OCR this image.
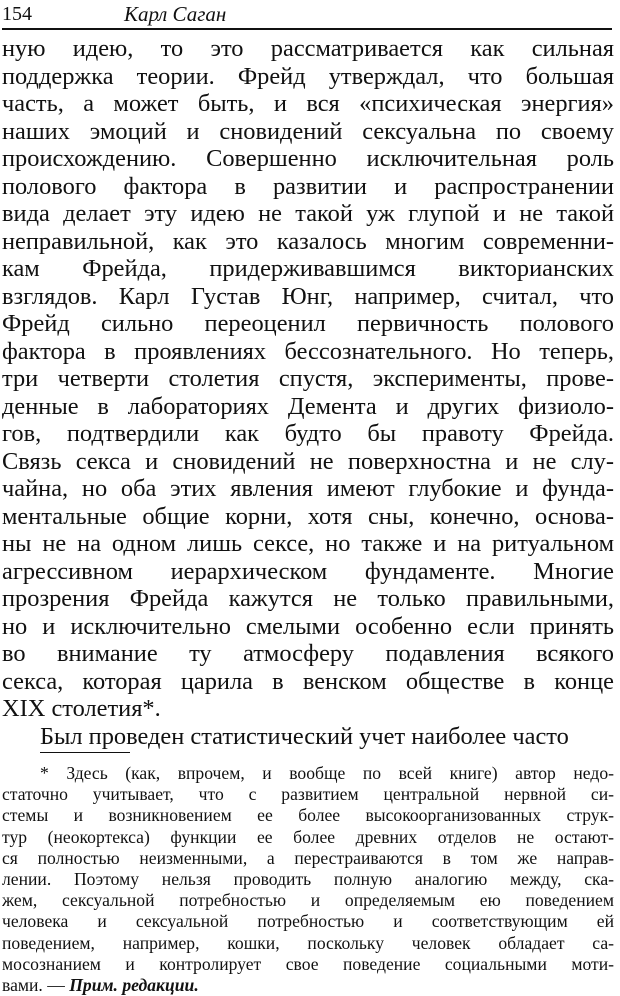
154	Карл Саган
ную идею, то это рассматривается как сильная
поддержка теории. Фрейд утверждал, что большая
часть, а может быть, и вся «психическая энергия»
наших эмоций и сновидений сексуальна по своему
происхождению. Совершенно исключительная роль
полового фактора в развитии и распространении
вида делает эту идею не такой уж глупой и не такой
неправильной, как это казалось многим современни-
кам Фрейда, придерживавшимся викторианских
взглядов. Карл Густав Юнг, например, считал, что
Фрейд сильно переоценил первичность полового
фактора в проявлениях бессознательного. Но теперь,
три четверти столетия спустя, эксперименты, прове-
денные в лабораториях Демента и других физиоло-
гов, подтвердили как будто бы правоту Фрейда.
Связь секса и сновидений не поверхностна и не слу-
чайна, но оба этих явления имеют глубокие и фунда-
ментальные общие корни, хотя сны, конечно, основа-
ны не на одном лишь сексе, но также и на ритуальном
агрессивном иерархическом фундаменте. Многие
прозрения Фрейда кажутся не только правильными,
но и исключительно смелыми особенно если принять
во внимание ту атмосферу подавления всякого
секса, которая царила в венском обществе в конце
XIX столетия*.
Был проведен статистический учет наиболее часто
* Здесь (как, впрочем, и вообще по всей книге) автор недо-
статочно учитывает, что с развитием центральной нервной си-
стемы и возникновением ее более высокоорганизованных струк-
тур (неокортекса) функции ее более древних отделов не остают-
ся полностью неизменными, а перестраиваются в том же направ-
лении. Поэтому нельзя проводить полную аналогию между, ска-
жем, сексуальной потребностью и определяемым ею поведением
человека и сексуальной потребностью и соответствующим ей
поведением, например, кошки, поскольку человек обладает са-
мосознанием и контролирует свое поведение социальными моти-
вами. — Прим. редакции.
